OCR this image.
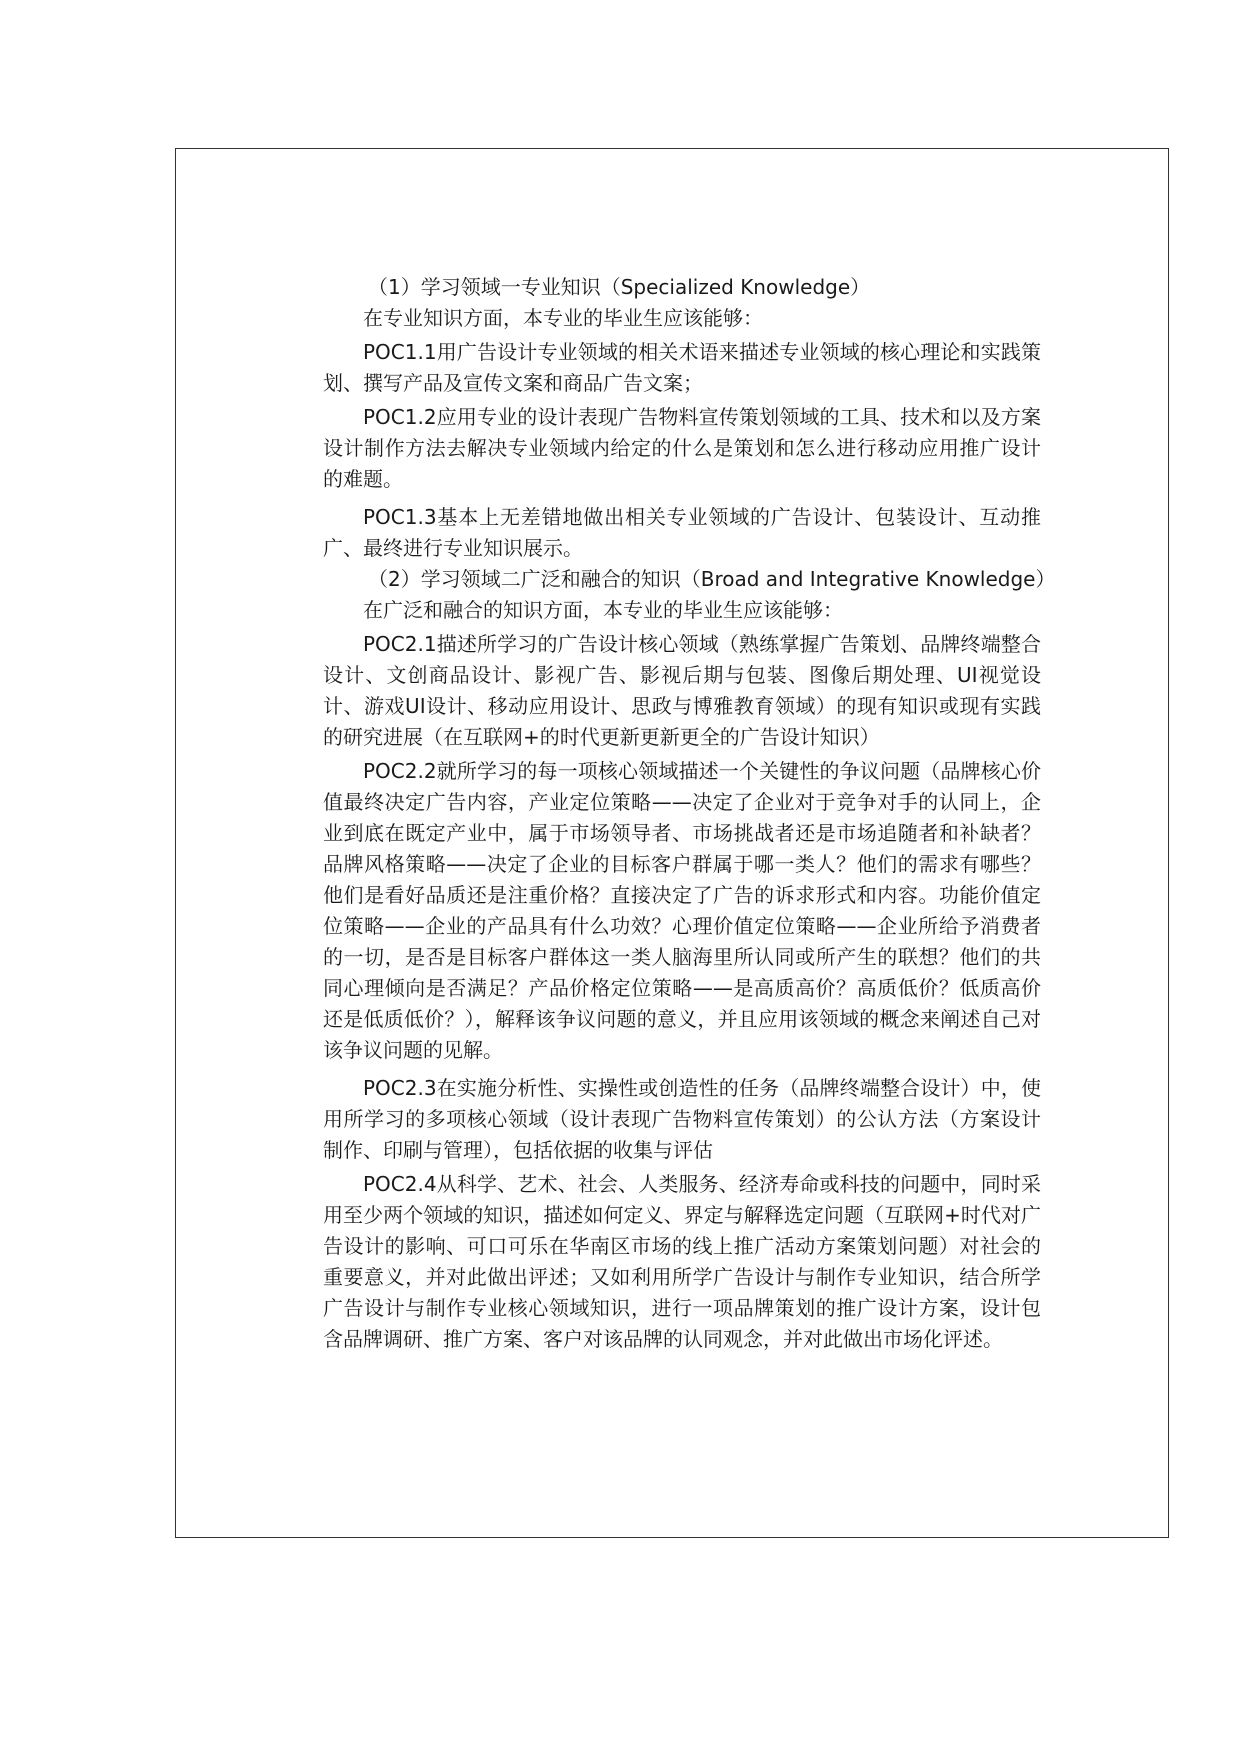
（1）学习领域一专业知识（Specialized Knowledge）

在专业知识方面，本专业的毕业生应该能够：

POC1.1用广告设计专业领域的相关术语来描述专业领域的核心理论和实践策划、撰写产品及宣传文案和商品广告文案；

POC1.2应用专业的设计表现广告物料宣传策划领域的工具、技术和以及方案设计制作方法去解决专业领域内给定的什么是策划和怎么进行移动应用推广设计的难题。

POC1.3基本上无差错地做出相关专业领域的广告设计、包装设计、互动推广、最终进行专业知识展示。

（2）学习领域二广泛和融合的知识（Broad and Integrative Knowledge）

在广泛和融合的知识方面，本专业的毕业生应该能够：

POC2.1描述所学习的广告设计核心领域（熟练掌握广告策划、品牌终端整合设计、文创商品设计、影视广告、影视后期与包装、图像后期处理、UI视觉设计、游戏UI设计、移动应用设计、思政与博雅教育领域）的现有知识或现有实践的研究进展（在互联网+的时代更新更新更全的广告设计知识）

POC2.2就所学习的每一项核心领域描述一个关键性的争议问题（品牌核心价值最终决定广告内容，产业定位策略——决定了企业对于竞争对手的认同上，企业到底在既定产业中，属于市场领导者、市场挑战者还是市场追随者和补缺者？品牌风格策略——决定了企业的目标客户群属于哪一类人？他们的需求有哪些？他们是看好品质还是注重价格？直接决定了广告的诉求形式和内容。功能价值定位策略——企业的产品具有什么功效？心理价值定位策略——企业所给予消费者的一切，是否是目标客户群体这一类人脑海里所认同或所产生的联想？他们的共同心理倾向是否满足？产品价格定位策略——是高质高价？高质低价？低质高价还是低质低价？），解释该争议问题的意义，并且应用该领域的概念来阐述自己对该争议问题的见解。

POC2.3在实施分析性、实操性或创造性的任务（品牌终端整合设计）中，使用所学习的多项核心领域（设计表现广告物料宣传策划）的公认方法（方案设计制作、印刷与管理），包括依据的收集与评估

POC2.4从科学、艺术、社会、人类服务、经济寿命或科技的问题中，同时采用至少两个领域的知识，描述如何定义、界定与解释选定问题（互联网+时代对广告设计的影响、可口可乐在华南区市场的线上推广活动方案策划问题）对社会的重要意义，并对此做出评述；又如利用所学广告设计与制作专业知识，结合所学广告设计与制作专业核心领域知识，进行一项品牌策划的推广设计方案，设计包含品牌调研、推广方案、客户对该品牌的认同观念，并对此做出市场化评述。
